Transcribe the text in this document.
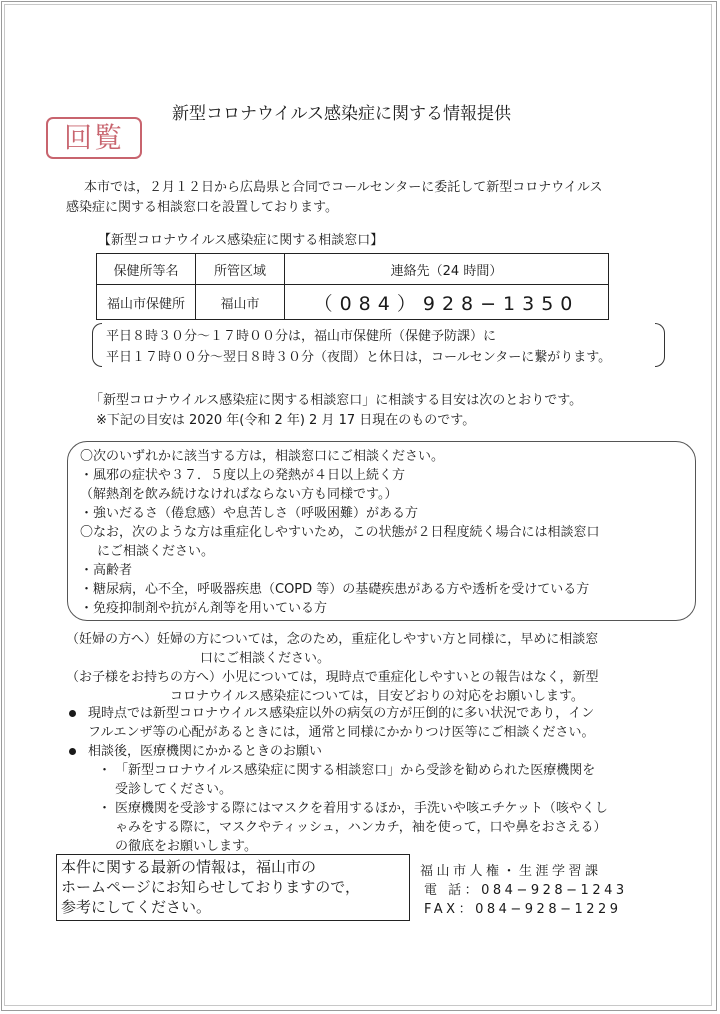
回覧
新型コロナウイルス感染症に関する情報提供
本市では，２月１２日から広島県と合同でコールセンターに委託して新型コロナウイルス
感染症に関する相談窓口を設置しております。
【新型コロナウイルス感染症に関する相談窓口】
保健所等名	所管区域	連絡先（24 時間）
福山市保健所	福山市	（084）928−1350
平日８時３０分〜１７時００分は，福山市保健所（保健予防課）に
平日１７時００分〜翌日８時３０分（夜間）と休日は，コールセンターに繋がります。
「新型コロナウイルス感染症に関する相談窓口」に相談する目安は次のとおりです。
※下記の目安は 2020 年(令和 2 年) 2 月 17 日現在のものです。
〇次のいずれかに該当する方は，相談窓口にご相談ください。
・風邪の症状や３７．５度以上の発熱が４日以上続く方
（解熱剤を飲み続けなければならない方も同様です。）
・強いだるさ（倦怠感）や息苦しさ（呼吸困難）がある方
〇なお，次のような方は重症化しやすいため，この状態が２日程度続く場合には相談窓口
にご相談ください。
・高齢者
・糖尿病，心不全，呼吸器疾患（COPD 等）の基礎疾患がある方や透析を受けている方
・免疫抑制剤や抗がん剤等を用いている方
（妊婦の方へ）妊婦の方については，念のため，重症化しやすい方と同様に，早めに相談窓
口にご相談ください。
（お子様をお持ちの方へ）小児については，現時点で重症化しやすいとの報告はなく，新型
コロナウイルス感染症については，目安どおりの対応をお願いします。
現時点では新型コロナウイルス感染症以外の病気の方が圧倒的に多い状況であり，イン
フルエンザ等の心配があるときには，通常と同様にかかりつけ医等にご相談ください。
相談後，医療機関にかかるときのお願い
・ 「新型コロナウイルス感染症に関する相談窓口」から受診を勧められた医療機関を
受診してください。
・ 医療機関を受診する際にはマスクを着用するほか，手洗いや咳エチケット（咳やくし
ゃみをする際に，マスクやティッシュ，ハンカチ，袖を使って，口や鼻をおさえる）
の徹底をお願いします。
本件に関する最新の情報は，福山市の
ホームページにお知らせしておりますので，
参考にしてください。
福山市人権・生涯学習課
電 話：084−928−1243
FAX：084−928−1229
